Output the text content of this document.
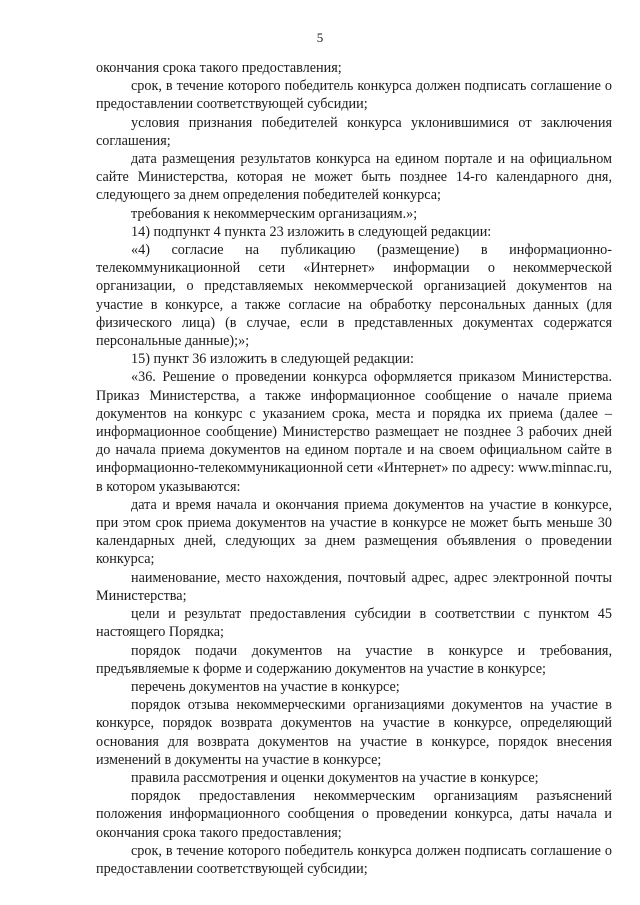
5

окончания срока такого предоставления;

срок, в течение которого победитель конкурса должен подписать соглашение о предоставлении соответствующей субсидии;

условия признания победителей конкурса уклонившимися от заключения соглашения;

дата размещения результатов конкурса на едином портале и на официальном сайте Министерства, которая не может быть позднее 14-го календарного дня, следующего за днем определения победителей конкурса;

требования к некоммерческим организациям.»;

14) подпункт 4 пункта 23 изложить в следующей редакции:

«4) согласие на публикацию (размещение) в информационно-телекоммуникационной сети «Интернет» информации о некоммерческой организации, о представляемых некоммерческой организацией документов на участие в конкурсе, а также согласие на обработку персональных данных (для физического лица) (в случае, если в представленных документах содержатся персональные данные);»;

15) пункт 36 изложить в следующей редакции:

«36. Решение о проведении конкурса оформляется приказом Министерства. Приказ Министерства, а также информационное сообщение о начале приема документов на конкурс с указанием срока, места и порядка их приема (далее – информационное сообщение) Министерство размещает не позднее 3 рабочих дней до начала приема документов на едином портале и на своем официальном сайте в информационно-телекоммуникационной сети «Интернет» по адресу: www.minnac.ru, в котором указываются:

дата и время начала и окончания приема документов на участие в конкурсе, при этом срок приема документов на участие в конкурсе не может быть меньше 30 календарных дней, следующих за днем размещения объявления о проведении конкурса;

наименование, место нахождения, почтовый адрес, адрес электронной почты Министерства;

цели и результат предоставления субсидии в соответствии с пунктом 45 настоящего Порядка;

порядок подачи документов на участие в конкурсе и требования, предъявляемые к форме и содержанию документов на участие в конкурсе;

перечень документов на участие в конкурсе;

порядок отзыва некоммерческими организациями документов на участие в конкурсе, порядок возврата документов на участие в конкурсе, определяющий основания для возврата документов на участие в конкурсе, порядок внесения изменений в документы на участие в конкурсе;

правила рассмотрения и оценки документов на участие в конкурсе;

порядок предоставления некоммерческим организациям разъяснений положения информационного сообщения о проведении конкурса, даты начала и окончания срока такого предоставления;

срок, в течение которого победитель конкурса должен подписать соглашение о предоставлении соответствующей субсидии;
